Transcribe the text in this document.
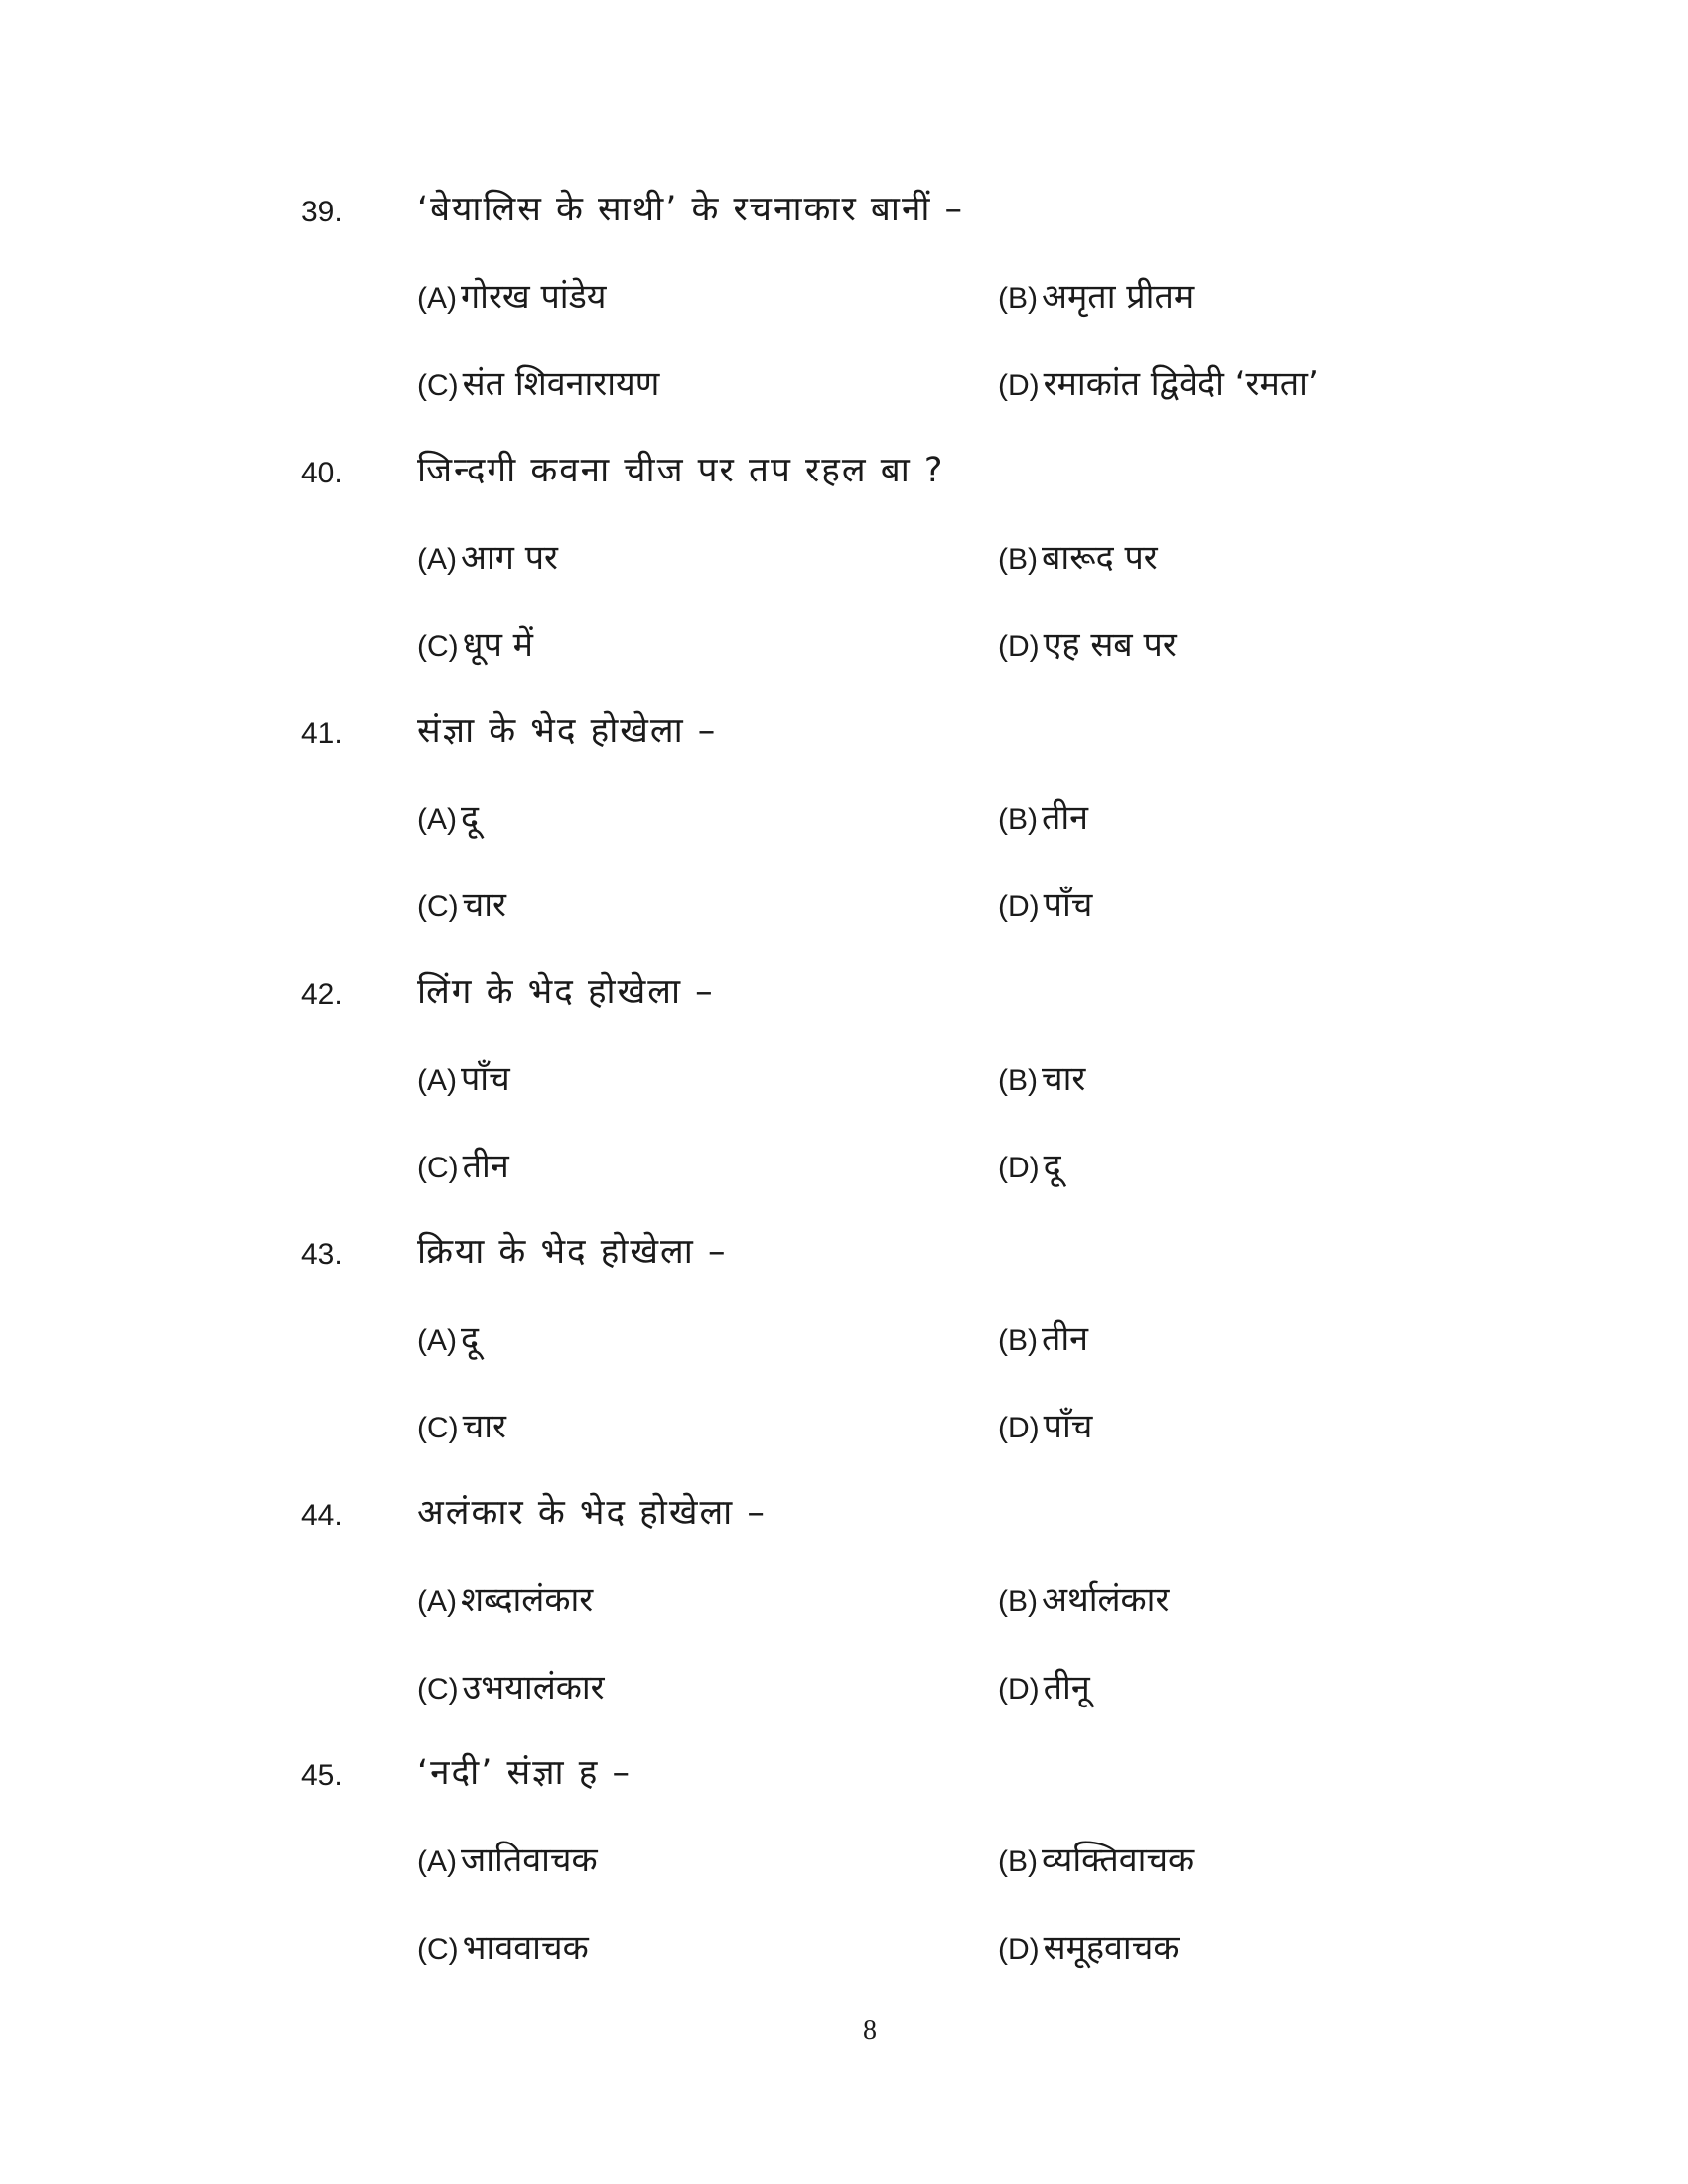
39. ‘बेयालिस के साथी’ के रचनाकार बानीं –
(A) गोरख पांडेय	(B) अमृता प्रीतम
(C) संत शिवनारायण	(D) रमाकांत द्विवेदी ‘रमता’
40. जिन्दगी कवना चीज पर तप रहल बा ?
(A) आग पर	(B) बारूद पर
(C) धूप में	(D) एह सब पर
41. संज्ञा के भेद होखेला –
(A) दू	(B) तीन
(C) चार	(D) पाँच
42. लिंग के भेद होखेला –
(A) पाँच	(B) चार
(C) तीन	(D) दू
43. क्रिया के भेद होखेला –
(A) दू	(B) तीन
(C) चार	(D) पाँच
44. अलंकार के भेद होखेला –
(A) शब्दालंकार	(B) अर्थालंकार
(C) उभयालंकार	(D) तीनू
45. ‘नदी’ संज्ञा ह –
(A) जातिवाचक	(B) व्यक्तिवाचक
(C) भाववाचक	(D) समूहवाचक
8
